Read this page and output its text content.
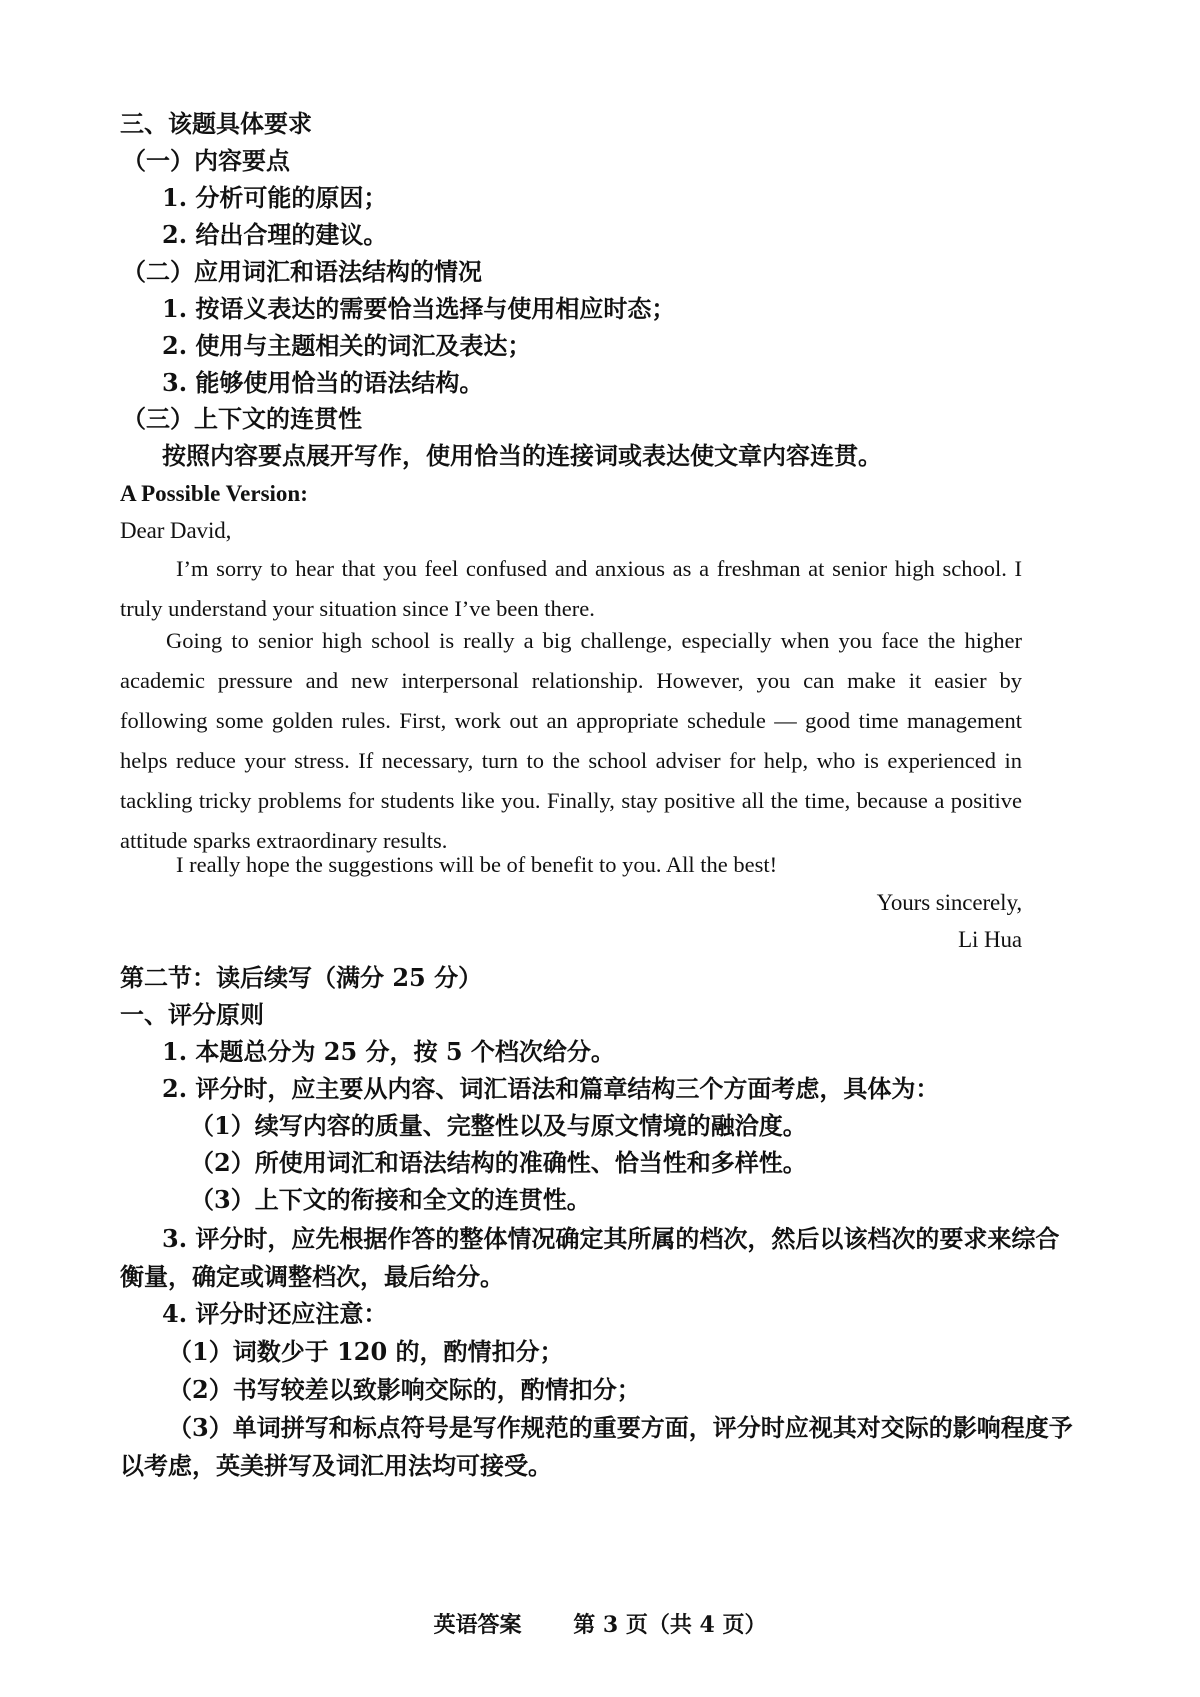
三、该题具体要求
（一）内容要点
1. 分析可能的原因；
2. 给出合理的建议。
（二）应用词汇和语法结构的情况
1. 按语义表达的需要恰当选择与使用相应时态；
2. 使用与主题相关的词汇及表达；
3. 能够使用恰当的语法结构。
（三）上下文的连贯性
按照内容要点展开写作，使用恰当的连接词或表达使文章内容连贯。
A Possible Version:
Dear David,
I’m sorry to hear that you feel confused and anxious as a freshman at senior high school. I truly understand your situation since I’ve been there.
Going to senior high school is really a big challenge, especially when you face the higher academic pressure and new interpersonal relationship. However, you can make it easier by following some golden rules. First, work out an appropriate schedule — good time management helps reduce your stress. If necessary, turn to the school adviser for help, who is experienced in tackling tricky problems for students like you. Finally, stay positive all the time, because a positive attitude sparks extraordinary results.
I really hope the suggestions will be of benefit to you. All the best!
Yours sincerely,
Li Hua
第二节：读后续写（满分 25 分）
一、评分原则
1. 本题总分为 25 分，按 5 个档次给分。
2. 评分时，应主要从内容、词汇语法和篇章结构三个方面考虑，具体为：
（1）续写内容的质量、完整性以及与原文情境的融洽度。
（2）所使用词汇和语法结构的准确性、恰当性和多样性。
（3）上下文的衔接和全文的连贯性。
3. 评分时，应先根据作答的整体情况确定其所属的档次，然后以该档次的要求来综合
衡量，确定或调整档次，最后给分。
4. 评分时还应注意：
（1）词数少于 120 的，酌情扣分；
（2）书写较差以致影响交际的，酌情扣分；
（3）单词拼写和标点符号是写作规范的重要方面，评分时应视其对交际的影响程度予
以考虑，英美拼写及词汇用法均可接受。
英语答案 第 3 页（共 4 页）
